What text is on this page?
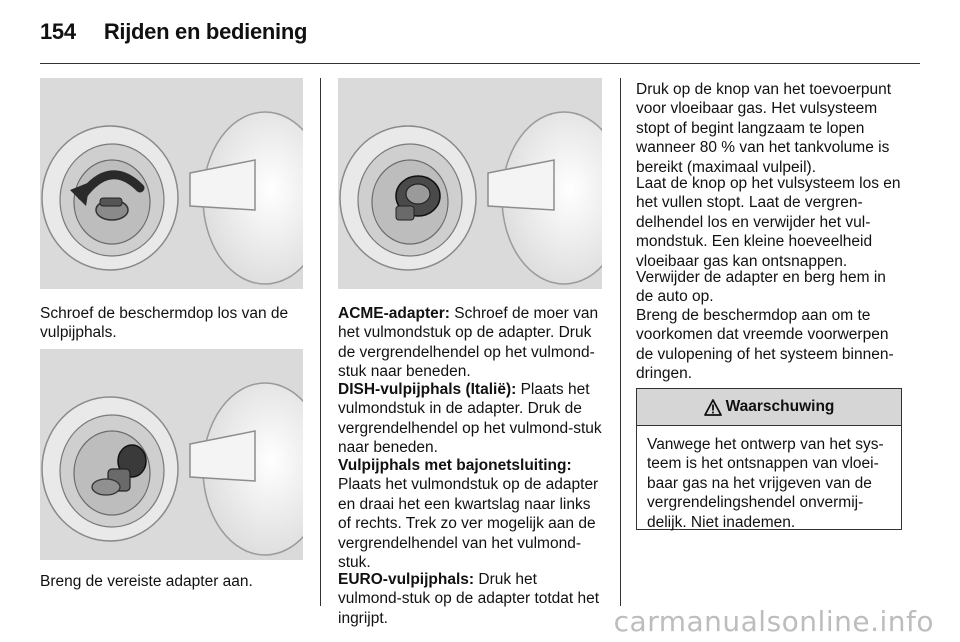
154 Rijden en bediening
Schroef de beschermdop los van de vulpijphals.
Breng de vereiste adapter aan.
ACME-adapter: Schroef de moer van het vulmondstuk op de adapter. Druk de vergrendelhendel op het vulmond-stuk naar beneden.
DISH-vulpijphals (Italië): Plaats het vulmondstuk in de adapter. Druk de vergrendelhendel op het vulmond-stuk naar beneden.
Vulpijphals met bajonetsluiting: Plaats het vulmondstuk op de adapter en draai het een kwartslag naar links of rechts. Trek zo ver mogelijk aan de vergrendelhendel van het vulmond-stuk.
EURO-vulpijphals: Druk het vulmond-stuk op de adapter totdat het ingrijpt.
Druk op de knop van het toevoerpunt voor vloeibaar gas. Het vulsysteem stopt of begint langzaam te lopen wanneer 80 % van het tankvolume is bereikt (maximaal vulpeil).
Laat de knop op het vulsysteem los en het vullen stopt. Laat de vergren-delhendel los en verwijder het vul-mondstuk. Een kleine hoeveelheid vloeibaar gas kan ontsnappen.
Verwijder de adapter en berg hem in de auto op.
Breng de beschermdop aan om te voorkomen dat vreemde voorwerpen de vulopening of het systeem binnen-dringen.
Waarschuwing
Vanwege het ontwerp van het sys-teem is het ontsnappen van vloei-baar gas na het vrijgeven van de vergrendelingshendel onvermij-delijk. Niet inademen.
carmanualsonline.info
